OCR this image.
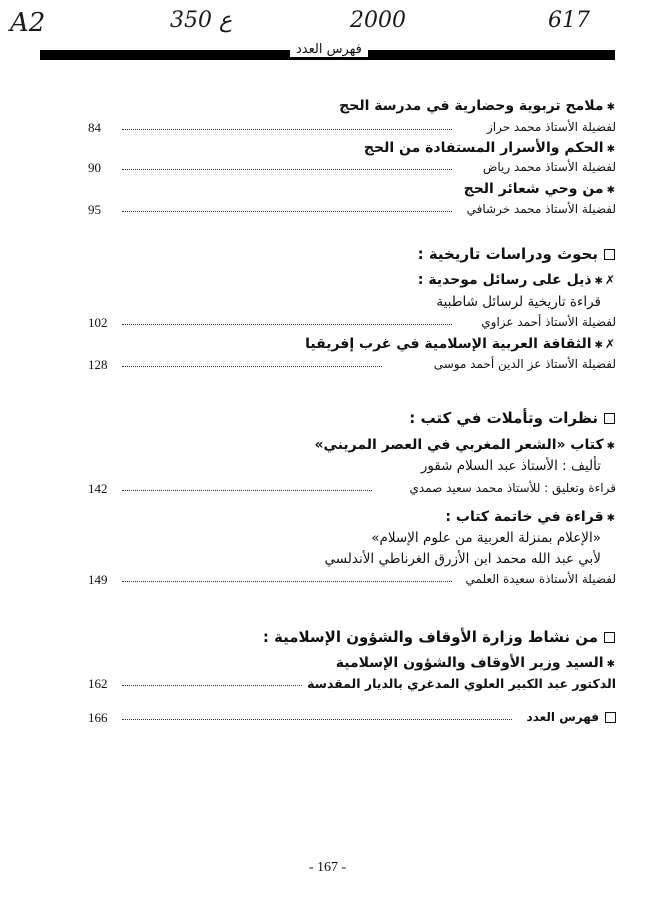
A2	350 ع	2000	617
فهرس العدد
✱ملامح تربوية وحضارية في مدرسة الحج
84	لفضيلة الأستاذ محمد حراز
✱الحكم والأسرار المستفادة من الحج
90	لفضيلة الأستاذ محمد رياض
✱من وحي شعائر الحج
95	لفضيلة الأستاذ محمد خرشافي
بحوث ودراسات تاريخية :
✗✱ذيل على رسائل موحدية :
قراءة تاريخية لرسائل شاطبية
102	لفضيلة الأستاذ أحمد عزاوي
✗✱الثقافة العربية الإسلامية في غرب إفريقيا
128	لفضيلة الأستاذ عز الدين أحمد موسى
نظرات وتأملات في كتب :
✱كتاب «الشعر المغربي في العصر المريني»
تأليف : الأستاذ عبد السلام شقور
142	قراءة وتعليق : للأستاذ محمد سعيد صمدي
✱قراءة في خاتمة كتاب :
«الإعلام بمنزلة العربية من علوم الإسلام»
لأبي عبد الله محمد ابن الأزرق الغرناطي الأندلسي
149	لفضيلة الأستاذة سعيدة العلمي
من نشاط وزارة الأوقاف والشؤون الإسلامية :
✱السيد وزير الأوقاف والشؤون الإسلامية
162	الدكتور عبد الكبير العلوي المدغري بالديار المقدسة
166	فهرس العدد
- 167 -
